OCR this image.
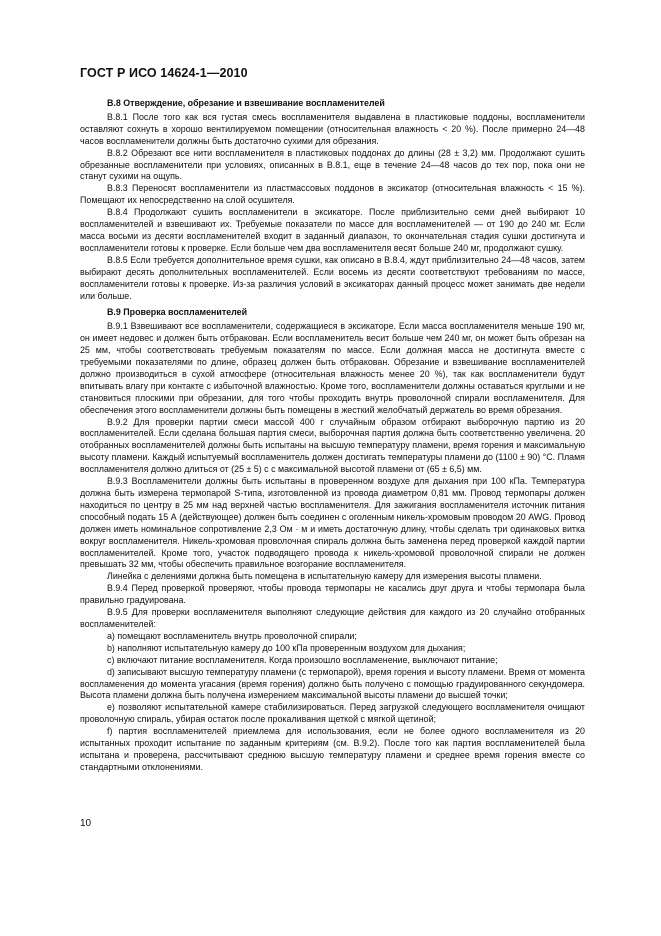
ГОСТ Р ИСО 14624-1—2010

В.8 Отверждение, обрезание и взвешивание воспламенителей

В.8.1 После того как вся густая смесь воспламенителя выдавлена в пластиковые поддоны, воспламенители оставляют сохнуть в хорошо вентилируемом помещении (относительная влажность < 20 %). После примерно 24—48 часов воспламенители должны быть достаточно сухими для обрезания.

В.8.2 Обрезают все нити воспламенителя в пластиковых поддонах до длины (28 ± 3,2) мм. Продолжают сушить обрезанные воспламенители при условиях, описанных в В.8.1, еще в течение 24—48 часов до тех пор, пока они не станут сухими на ощупь.

В.8.3 Переносят воспламенители из пластмассовых поддонов в эксикатор (относительная влажность < 15 %). Помещают их непосредственно на слой осушителя.

В.8.4 Продолжают сушить воспламенители в эксикаторе. После приблизительно семи дней выбирают 10 воспламенителей и взвешивают их. Требуемые показатели по массе для воспламенителей — от 190 до 240 мг. Если масса восьми из десяти воспламенителей входит в заданный диапазон, то окончательная стадия сушки достигнута и воспламенители готовы к проверке. Если больше чем два воспламенителя весят больше 240 мг, продолжают сушку.

В.8.5 Если требуется дополнительное время сушки, как описано в В.8.4, ждут приблизительно 24—48 часов, затем выбирают десять дополнительных воспламенителей. Если восемь из десяти соответствуют требованиям по массе, воспламенители готовы к проверке. Из-за различия условий в эксикаторах данный процесс может занимать две недели или больше.

В.9 Проверка воспламенителей

В.9.1 Взвешивают все воспламенители, содержащиеся в эксикаторе. Если масса воспламенителя меньше 190 мг, он имеет недовес и должен быть отбракован. Если воспламенитель весит больше чем 240 мг, он может быть обрезан на 25 мм, чтобы соответствовать требуемым показателям по массе. Если должная масса не достигнута вместе с требуемыми показателями по длине, образец должен быть отбракован. Обрезание и взвешивание воспламенителей должно производиться в сухой атмосфере (относительная влажность менее 20 %), так как воспламенители будут впитывать влагу при контакте с избыточной влажностью. Кроме того, воспламенители должны оставаться круглыми и не становиться плоскими при обрезании, для того чтобы проходить внутрь проволочной спирали воспламенителя. Для обеспечения этого воспламенители должны быть помещены в жесткий желобчатый держатель во время обрезания.

В.9.2 Для проверки партии смеси массой 400 г случайным образом отбирают выборочную партию из 20 воспламенителей. Если сделана большая партия смеси, выборочная партия должна быть соответственно увеличена. 20 отобранных воспламенителей должны быть испытаны на высшую температуру пламени, время горения и максимальную высоту пламени. Каждый испытуемый воспламенитель должен достигать температуры пламени до (1100 ± 90) °С. Пламя воспламенителя должно длиться от (25 ± 5) с с максимальной высотой пламени от (65 ± 6,5) мм.

В.9.3 Воспламенители должны быть испытаны в проверенном воздухе для дыхания при 100 кПа. Температура должна быть измерена термопарой S-типа, изготовленной из провода диаметром 0,81 мм. Провод термопары должен находиться по центру в 25 мм над верхней частью воспламенителя. Для зажигания воспламенителя источник питания способный подать 15 А (действующее) должен быть соединен с оголенным никель-хромовым проводом 20 AWG. Провод должен иметь номинальное сопротивление 2,3 Ом · м и иметь достаточную длину, чтобы сделать три одинаковых витка вокруг воспламенителя. Никель-хромовая проволочная спираль должна быть заменена перед проверкой каждой партии воспламенителей. Кроме того, участок подводящего провода к никель-хромовой проволочной спирали не должен превышать 32 мм, чтобы обеспечить правильное возгорание воспламенителя.

Линейка с делениями должна быть помещена в испытательную камеру для измерения высоты пламени.

В.9.4 Перед проверкой проверяют, чтобы провода термопары не касались друг друга и чтобы термопара была правильно градуирована.

В.9.5 Для проверки воспламенителя выполняют следующие действия для каждого из 20 случайно отобранных воспламенителей:

a) помещают воспламенитель внутрь проволочной спирали;

b) наполняют испытательную камеру до 100 кПа проверенным воздухом для дыхания;

c) включают питание воспламенителя. Когда произошло воспламенение, выключают питание;

d) записывают высшую температуру пламени (с термопарой), время горения и высоту пламени. Время от момента воспламенения до момента угасания (время горения) должно быть получено с помощью градуированного секундомера. Высота пламени должна быть получена измерением максимальной высоты пламени до высшей точки;

e) позволяют испытательной камере стабилизироваться. Перед загрузкой следующего воспламенителя очищают проволочную спираль, убирая остаток после прокаливания щеткой с мягкой щетиной;

f) партия воспламенителей приемлема для использования, если не более одного воспламенителя из 20 испытанных проходит испытание по заданным критериям (см. В.9.2). После того как партия воспламенителей была испытана и проверена, рассчитывают среднюю высшую температуру пламени и среднее время горения вместе со стандартными отклонениями.

10
